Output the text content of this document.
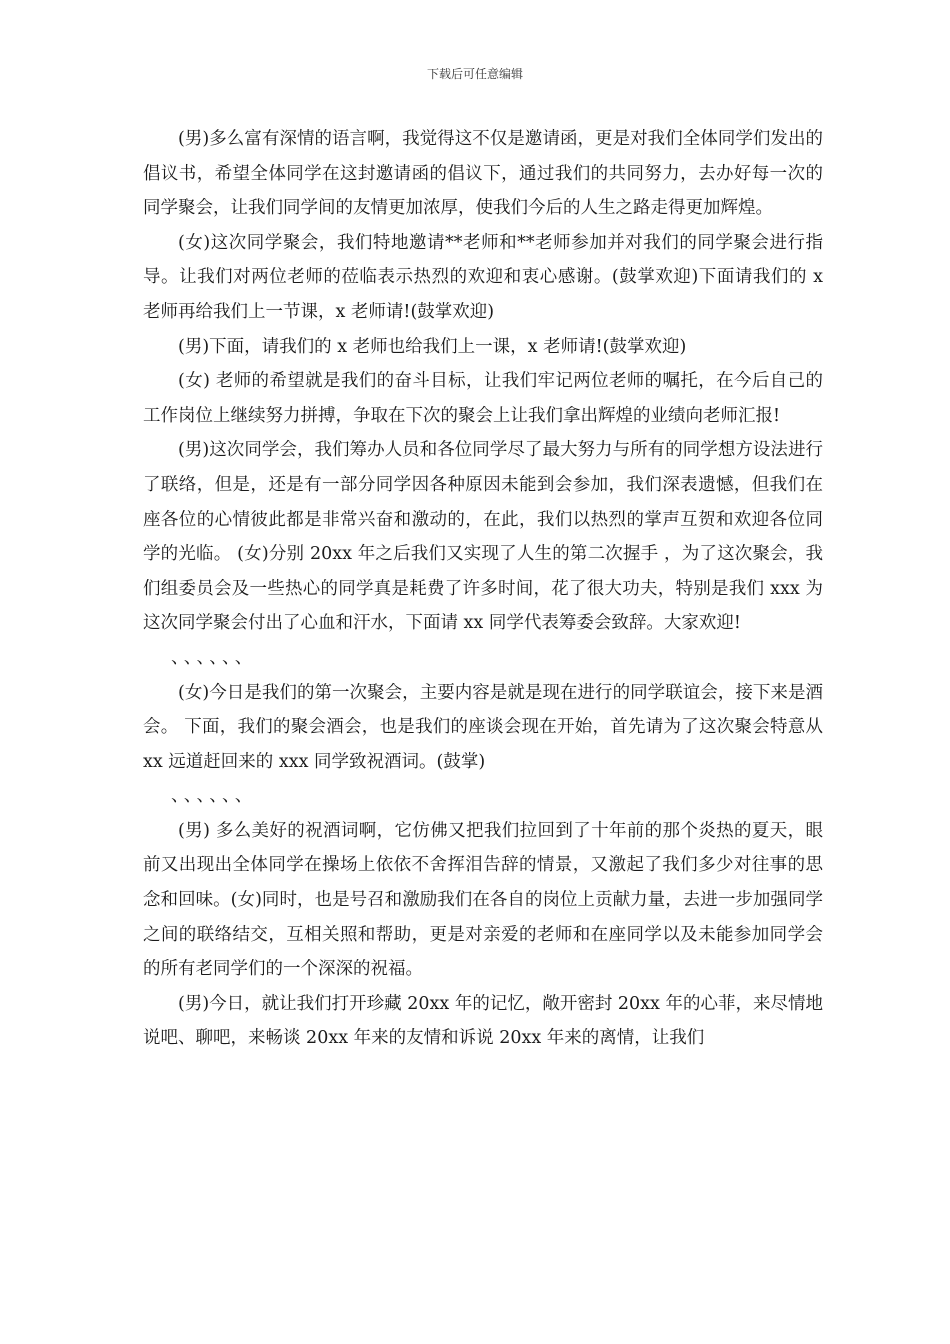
下载后可任意编辑

(男)多么富有深情的语言啊，我觉得这不仅是邀请函，更是对我们全体同学们发出的倡议书，希望全体同学在这封邀请函的倡议下，通过我们的共同努力，去办好每一次的同学聚会，让我们同学间的友情更加浓厚，使我们今后的人生之路走得更加辉煌。

(女)这次同学聚会，我们特地邀请**老师和**老师参加并对我们的同学聚会进行指导。让我们对两位老师的莅临表示热烈的欢迎和衷心感谢。(鼓掌欢迎)下面请我们的 x 老师再给我们上一节课，x 老师请!(鼓掌欢迎)

(男)下面，请我们的 x 老师也给我们上一课，x 老师请!(鼓掌欢迎)

(女) 老师的希望就是我们的奋斗目标，让我们牢记两位老师的嘱托，在今后自己的工作岗位上继续努力拼搏，争取在下次的聚会上让我们拿出辉煌的业绩向老师汇报!

(男)这次同学会，我们筹办人员和各位同学尽了最大努力与所有的同学想方设法进行了联络，但是，还是有一部分同学因各种原因未能到会参加，我们深表遗憾，但我们在座各位的心情彼此都是非常兴奋和激动的，在此，我们以热烈的掌声互贺和欢迎各位同学的光临。 (女)分别 20xx 年之后我们又实现了人生的第二次握手 ，为了这次聚会，我们组委员会及一些热心的同学真是耗费了许多时间，花了很大功夫，特别是我们 xxx 为这次同学聚会付出了心血和汗水，下面请 xx 同学代表筹委会致辞。大家欢迎!

、、、、、、

(女)今日是我们的第一次聚会，主要内容是就是现在进行的同学联谊会，接下来是酒会。 下面，我们的聚会酒会，也是我们的座谈会现在开始，首先请为了这次聚会特意从 xx 远道赶回来的 xxx 同学致祝酒词。(鼓掌)

、、、、、、

(男) 多么美好的祝酒词啊，它仿佛又把我们拉回到了十年前的那个炎热的夏天，眼前又出现出全体同学在操场上依依不舍挥泪告辞的情景，又激起了我们多少对往事的思念和回味。(女)同时，也是号召和激励我们在各自的岗位上贡献力量，去进一步加强同学之间的联络结交，互相关照和帮助，更是对亲爱的老师和在座同学以及未能参加同学会的所有老同学们的一个深深的祝福。

(男)今日，就让我们打开珍藏 20xx 年的记忆，敞开密封 20xx 年的心菲，来尽情地说吧、聊吧，来畅谈 20xx 年来的友情和诉说 20xx 年来的离情，让我们
